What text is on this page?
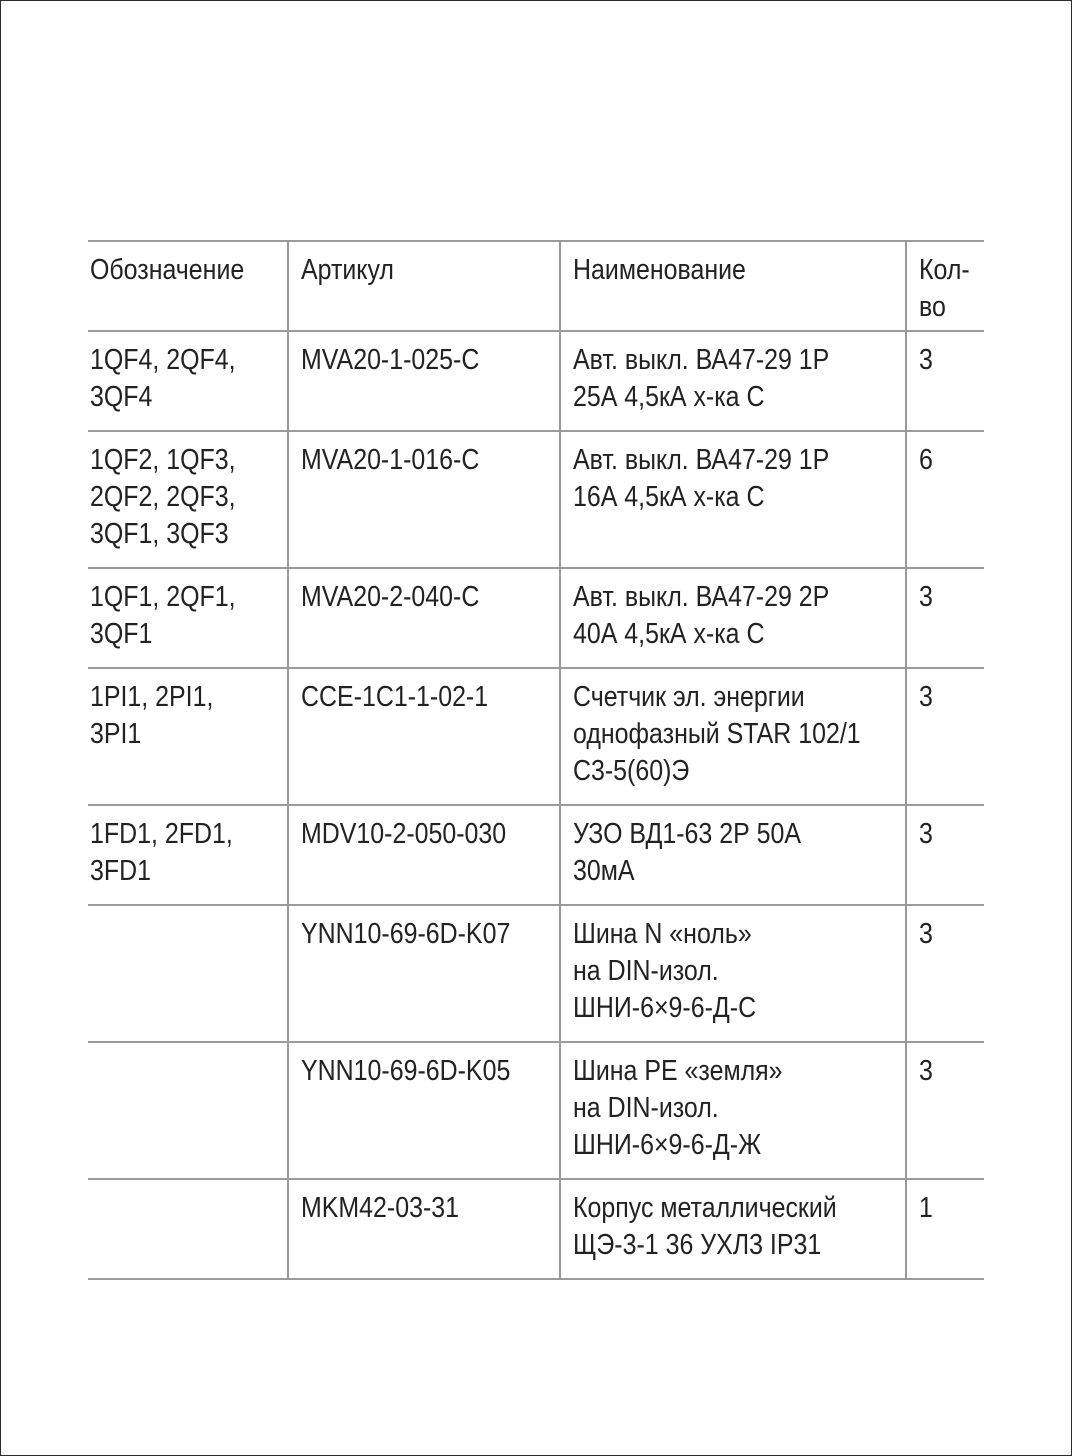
Обозначение	Артикул	Наименование	Кол-
во
1QF4, 2QF4,
3QF4	MVA20-1-025-C	Авт. выкл. ВА47-29 1Р
25А 4,5кА х-ка С	3
1QF2, 1QF3,
2QF2, 2QF3,
3QF1, 3QF3	MVA20-1-016-C	Авт. выкл. ВА47-29 1Р
16А 4,5кА х-ка С	6
1QF1, 2QF1,
3QF1	MVA20-2-040-C	Авт. выкл. ВА47-29 2Р
40А 4,5кА х-ка С	3
1PI1, 2PI1,
3PI1	CCE-1C1-1-02-1	Счетчик эл. энергии
однофазный STAR 102/1
С3-5(60)Э	3
1FD1, 2FD1,
3FD1	MDV10-2-050-030	УЗО ВД1-63 2Р 50А
30мА	3
	YNN10-69-6D-K07	Шина N «ноль»
на DIN-изол.
ШНИ-6×9-6-Д-С	3
	YNN10-69-6D-K05	Шина PE «земля»
на DIN-изол.
ШНИ-6×9-6-Д-Ж	3
	MKM42-03-31	Корпус металлический
ЩЭ-3-1 36 УХЛ3 IP31	1
